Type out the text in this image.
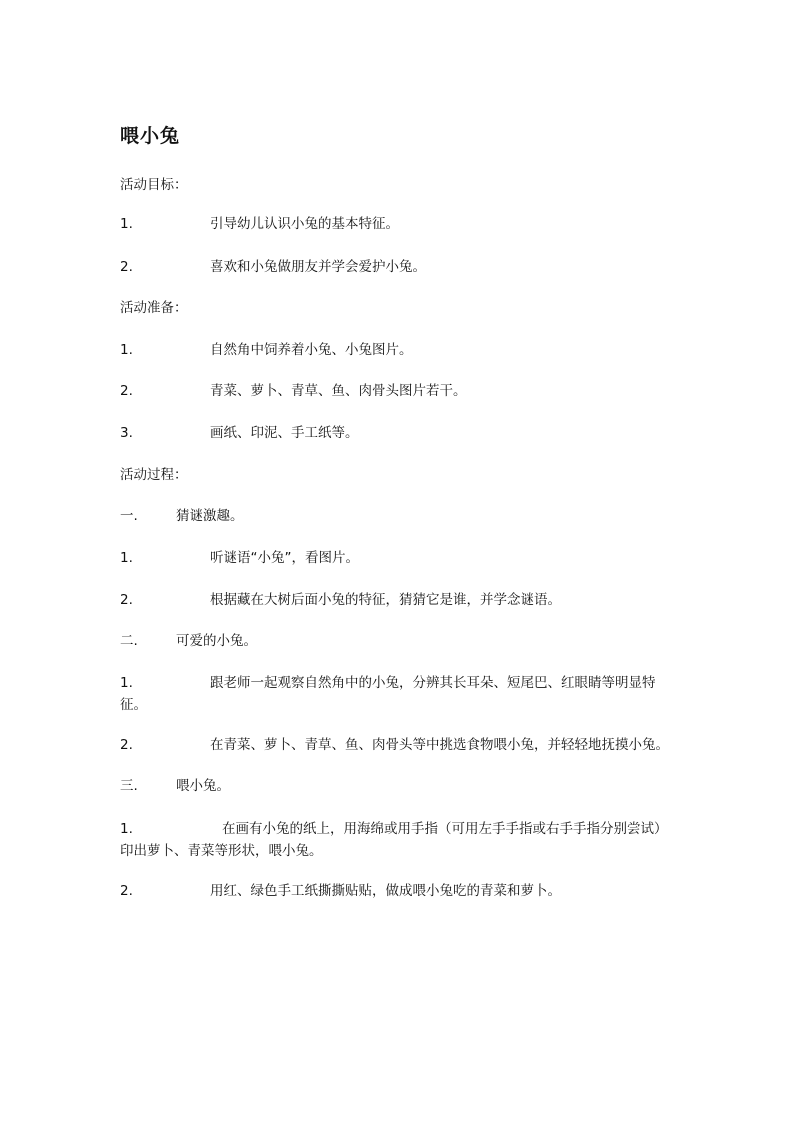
喂小兔
活动目标：
1.	引导幼儿认识小兔的基本特征。
2.	喜欢和小兔做朋友并学会爱护小兔。
活动准备：
1.	自然角中饲养着小兔、小兔图片。
2.	青菜、萝卜、青草、鱼、肉骨头图片若干。
3.	画纸、印泥、手工纸等。
活动过程：
一.	猜谜激趣。
1.	听谜语“小兔”，看图片。
2.	根据藏在大树后面小兔的特征，猜猜它是谁，并学念谜语。
二.	可爱的小兔。
1.	跟老师一起观察自然角中的小兔，分辨其长耳朵、短尾巴、红眼睛等明显特征。
2.	在青菜、萝卜、青草、鱼、肉骨头等中挑选食物喂小兔，并轻轻地抚摸小兔。
三.	喂小兔。
1.	在画有小兔的纸上，用海绵或用手指（可用左手手指或右手手指分别尝试）印出萝卜、青菜等形状，喂小兔。
2.	用红、绿色手工纸撕撕贴贴，做成喂小兔吃的青菜和萝卜。
